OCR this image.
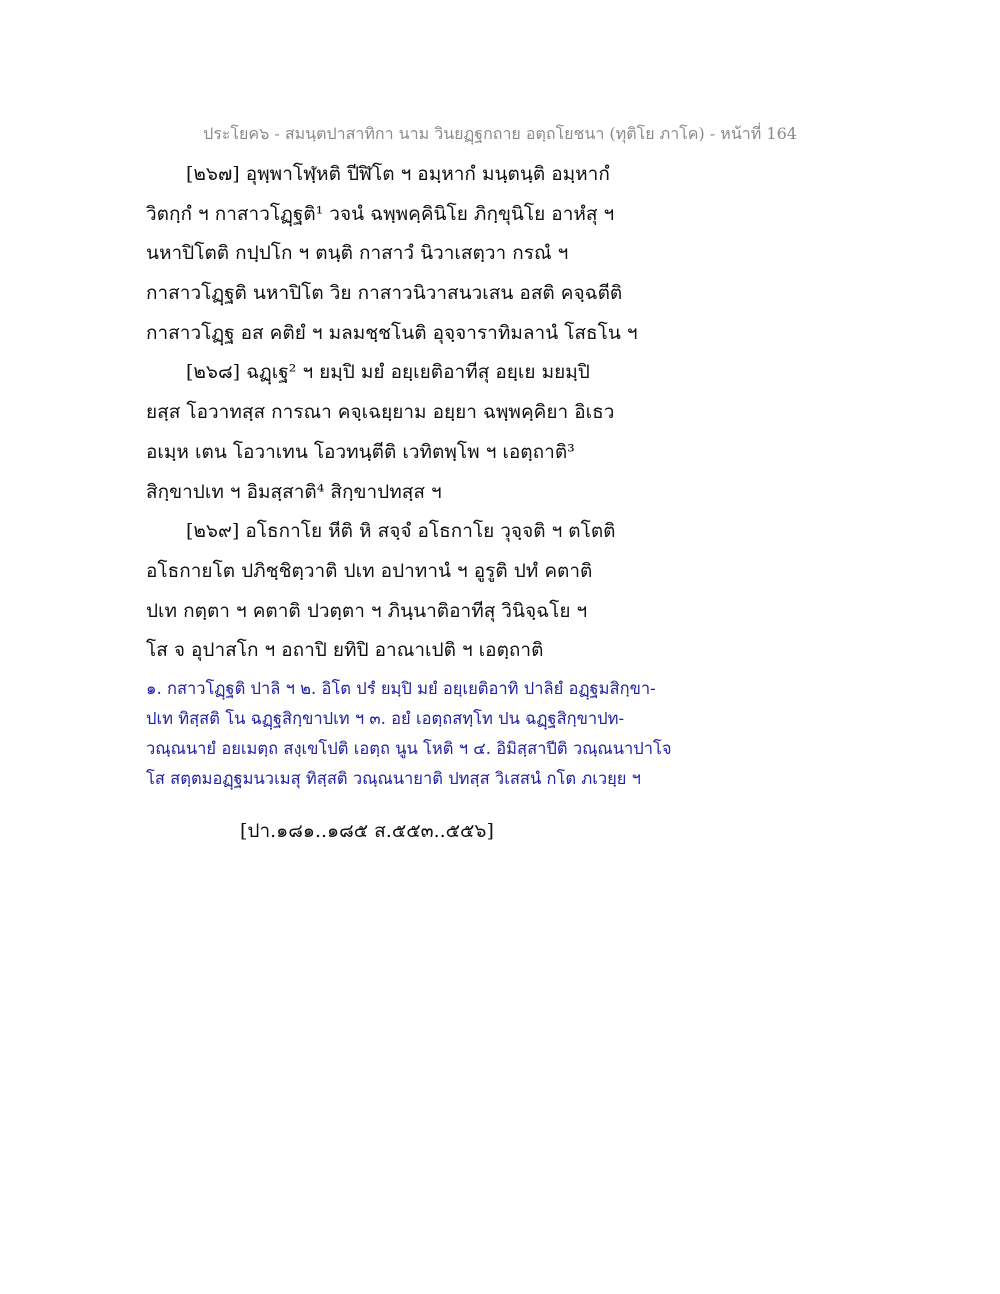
ประโยค๖ - สมนฺตปาสาทิกา นาม วินยฏฺฐกถาย อตฺถโยชนา (ทุติโย ภาโค) - หน้าที่ 164
[๒๖๗] อุพฺพาโฬฺหติ ปีฬิโต ฯ อมฺหากํ มนฺตนฺติ อมฺหากํ
วิตกฺกํ ฯ กาสาวโฏฺฐติ¹ วจนํ ฉพฺพคฺคินิโย ภิกฺขุนิโย อาหํสุ ฯ
นหาปิโตติ กปฺปโก ฯ ตนฺติ กาสาวํ นิวาเสตฺวา กรณํ ฯ
กาสาวโฏฺฐติ นหาปิโต วิย กาสาวนิวาสนวเสน อสติ คจฺฉตีติ
กาสาวโฏฺฐ อส คติยํ ฯ มลมชฺชโนติ อุจฺจาราทิมลานํ โสธโน ฯ
[๒๖๘] ฉฏฺเฐ² ฯ ยมฺปิ มยํ อยฺเยติอาทีสุ อยฺเย มยมฺปิ
ยสฺส โอวาทสฺส การณา คจฺเฉยฺยาม อยฺยา ฉพฺพคฺคิยา อิเธว
อเมฺห เตน โอวาเทน โอวทนฺตีติ เวทิตพฺโพ ฯ เอตฺถาติ³
สิกฺขาปเท ฯ อิมสฺสาติ⁴ สิกฺขาปทสฺส ฯ
[๒๖๙] อโธกาโย หีติ หิ สจฺจํ อโธกาโย วุจฺจติ ฯ ตโตติ
อโธกายโต ปภิชฺชิตฺวาติ ปเท อปาทานํ ฯ อูรูติ ปทํ คตาติ
ปเท กตฺตา ฯ คตาติ ปวตฺตา ฯ ภินฺนาติอาทีสุ วินิจฺฉโย ฯ
โส จ อุปาสโก ฯ อถาปิ ยทิปิ อาณาเปติ ฯ เอตฺถาติ
๑. กสาวโฏฺฐติ ปาลิ ฯ ๒. อิโต ปรํ ยมฺปิ มยํ อยฺเยติอาทิ ปาลิยํ อฏฺฐมสิกฺขา-
ปเท ทิสฺสติ โน ฉฏฺฐสิกฺขาปเท ฯ ๓. อยํ เอตฺถสทฺโท ปน ฉฏฺฐสิกฺขาปท-
วณฺณนายํ อยเมตฺถ สงฺเขโปติ เอตฺถ นูน โหติ ฯ ๔. อิมิสฺสาปีติ วณฺณนาปาโจ
โส สตฺตมอฏฺฐมนวเมสุ ทิสฺสติ วณฺณนายาติ ปทสฺส วิเสสนํ กโต ภเวยฺย ฯ
[ปา.๑๘๑..๑๘๕ ส.๕๕๓..๕๕๖]
